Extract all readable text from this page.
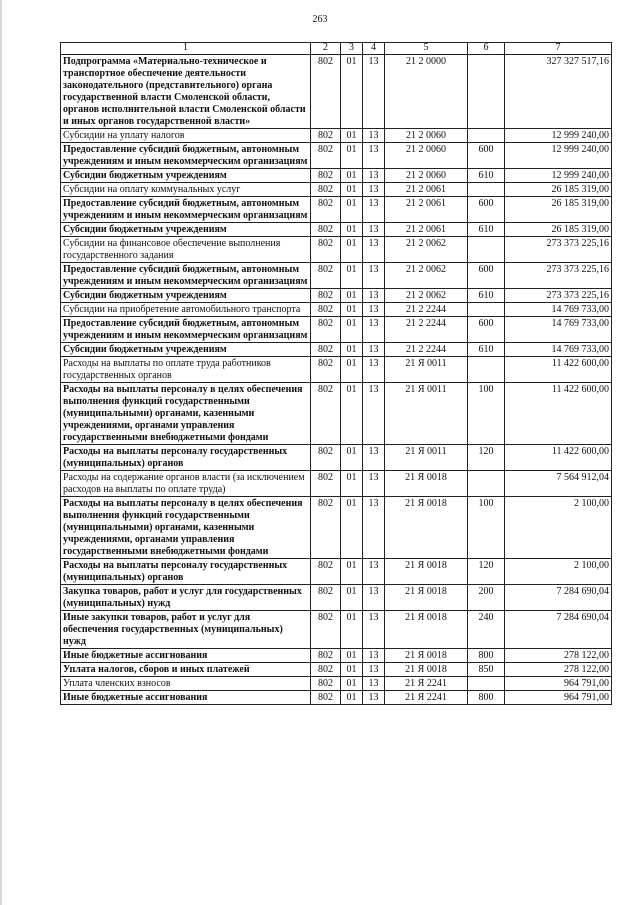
263
1	2	3	4	5	6	7
Подпрограмма «Материально-техническое и транспортное обеспечение деятельности законодательного (представительного) органа государственной власти Смоленской области, органов исполнительной власти Смоленской области и иных органов государственной власти»	802	01	13	21 2 0000		327 327 517,16
Субсидии на уплату налогов	802	01	13	21 2 0060		12 999 240,00
Предоставление субсидий бюджетным, автономным учреждениям и иным некоммерческим организациям	802	01	13	21 2 0060	600	12 999 240,00
Субсидии бюджетным учреждениям	802	01	13	21 2 0060	610	12 999 240,00
Субсидии на оплату коммунальных услуг	802	01	13	21 2 0061		26 185 319,00
Предоставление субсидий бюджетным, автономным учреждениям и иным некоммерческим организациям	802	01	13	21 2 0061	600	26 185 319,00
Субсидии бюджетным учреждениям	802	01	13	21 2 0061	610	26 185 319,00
Субсидии на финансовое обеспечение выполнения государственного задания	802	01	13	21 2 0062		273 373 225,16
Предоставление субсидий бюджетным, автономным учреждениям и иным некоммерческим организациям	802	01	13	21 2 0062	600	273 373 225,16
Субсидии бюджетным учреждениям	802	01	13	21 2 0062	610	273 373 225,16
Субсидии на приобретение автомобильного транспорта	802	01	13	21 2 2244		14 769 733,00
Предоставление субсидий бюджетным, автономным учреждениям и иным некоммерческим организациям	802	01	13	21 2 2244	600	14 769 733,00
Субсидии бюджетным учреждениям	802	01	13	21 2 2244	610	14 769 733,00
Расходы на выплаты по оплате труда работников государственных органов	802	01	13	21 Я 0011		11 422 600,00
Расходы на выплаты персоналу в целях обеспечения выполнения функций государственными (муниципальными) органами, казенными учреждениями, органами управления государственными внебюджетными фондами	802	01	13	21 Я 0011	100	11 422 600,00
Расходы на выплаты персоналу государственных (муниципальных) органов	802	01	13	21 Я 0011	120	11 422 600,00
Расходы на содержание органов власти (за исключением расходов на выплаты по оплате труда)	802	01	13	21 Я 0018		7 564 912,04
Расходы на выплаты персоналу в целях обеспечения выполнения функций государственными (муниципальными) органами, казенными учреждениями, органами управления государственными внебюджетными фондами	802	01	13	21 Я 0018	100	2 100,00
Расходы на выплаты персоналу государственных (муниципальных) органов	802	01	13	21 Я 0018	120	2 100,00
Закупка товаров, работ и услуг для государственных (муниципальных) нужд	802	01	13	21 Я 0018	200	7 284 690,04
Иные закупки товаров, работ и услуг для обеспечения государственных (муниципальных) нужд	802	01	13	21 Я 0018	240	7 284 690,04
Иные бюджетные ассигнования	802	01	13	21 Я 0018	800	278 122,00
Уплата налогов, сборов и иных платежей	802	01	13	21 Я 0018	850	278 122,00
Уплата членских взносов	802	01	13	21 Я 2241		964 791,00
Иные бюджетные ассигнования	802	01	13	21 Я 2241	800	964 791,00
